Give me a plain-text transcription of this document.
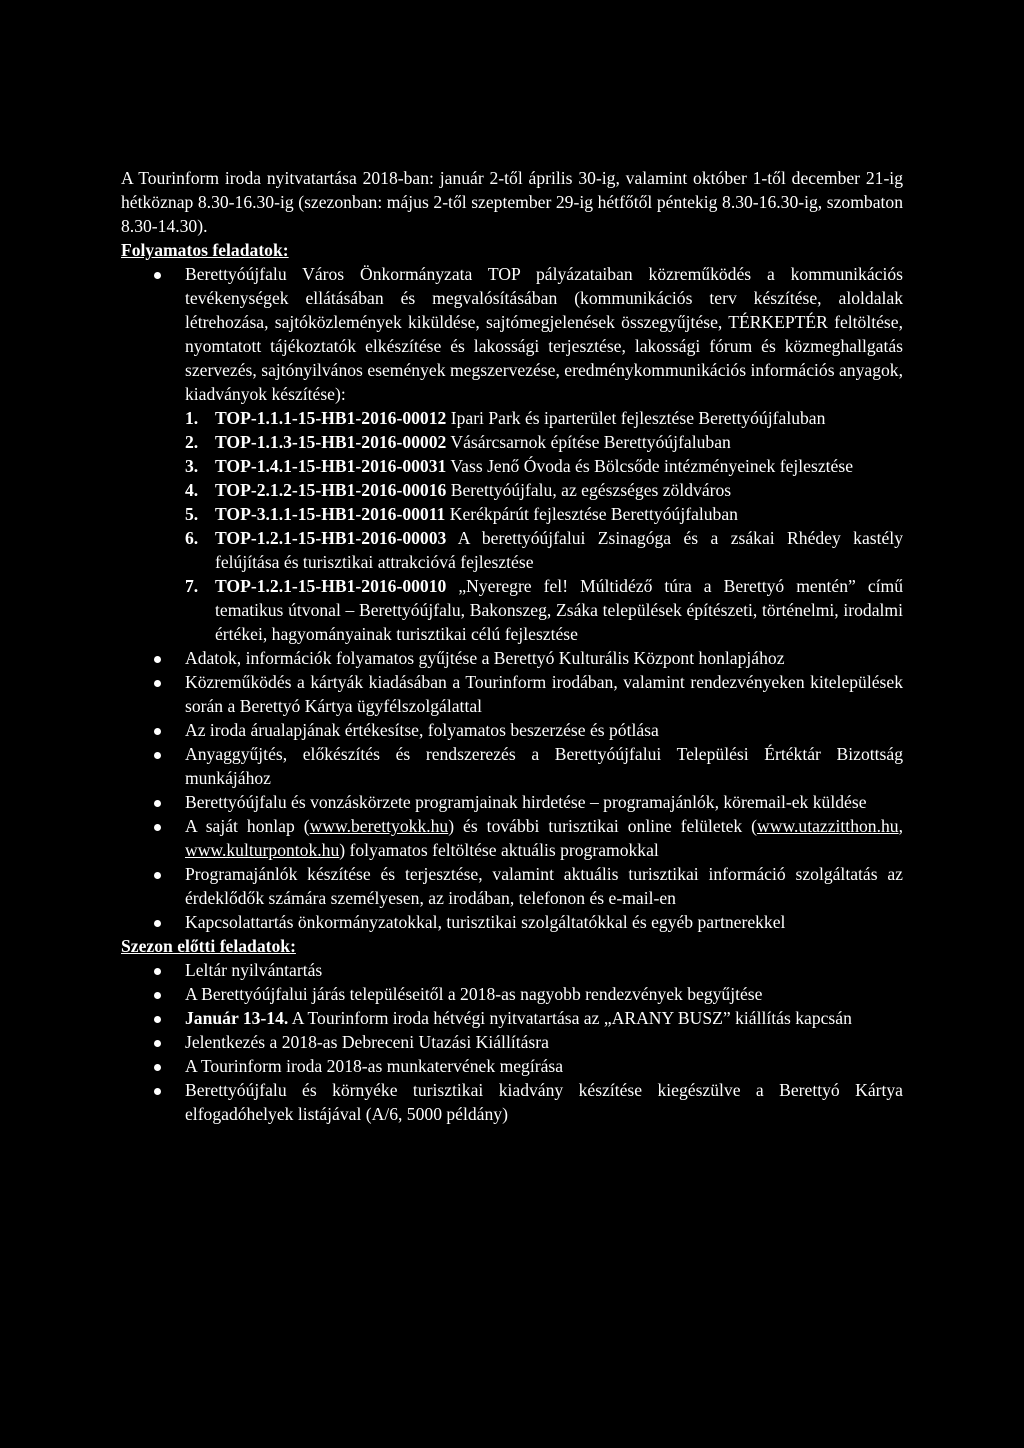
A Tourinform iroda nyitvatartása 2018-ban: január 2-től április 30-ig, valamint október 1-től december 21-ig hétköznap 8.30-16.30-ig (szezonban: május 2-től szeptember 29-ig hétfőtől péntekig 8.30-16.30-ig, szombaton 8.30-14.30).

Folyamatos feladatok:

Berettyóújfalu Város Önkormányzata TOP pályázataiban közreműködés a kommunikációs tevékenységek ellátásában és megvalósításában (kommunikációs terv készítése, aloldalak létrehozása, sajtóközlemények kiküldése, sajtómegjelenések összegyűjtése, TÉRKEPTÉR feltöltése, nyomtatott tájékoztatók elkészítése és lakossági terjesztése, lakossági fórum és közmeghallgatás szervezés, sajtónyilvános események megszervezése, eredménykommunikációs információs anyagok, kiadványok készítése):
1. TOP-1.1.1-15-HB1-2016-00012 Ipari Park és iparterület fejlesztése Berettyóújfaluban
2. TOP-1.1.3-15-HB1-2016-00002 Vásárcsarnok építése Berettyóújfaluban
3. TOP-1.4.1-15-HB1-2016-00031 Vass Jenő Óvoda és Bölcsőde intézményeinek fejlesztése
4. TOP-2.1.2-15-HB1-2016-00016 Berettyóújfalu, az egészséges zöldváros
5. TOP-3.1.1-15-HB1-2016-00011 Kerékpárút fejlesztése Berettyóújfaluban
6. TOP-1.2.1-15-HB1-2016-00003 A berettyóújfalui Zsinagóga és a zsákai Rhédey kastély felújítása és turisztikai attrakcióvá fejlesztése
7. TOP-1.2.1-15-HB1-2016-00010 „Nyeregre fel! Múltidéző túra a Berettyó mentén” című tematikus útvonal – Berettyóújfalu, Bakonszeg, Zsáka települések építészeti, történelmi, irodalmi értékei, hagyományainak turisztikai célú fejlesztése
Adatok, információk folyamatos gyűjtése a Berettyó Kulturális Központ honlapjához
Közreműködés a kártyák kiadásában a Tourinform irodában, valamint rendezvényeken kitelepülések során a Berettyó Kártya ügyfélszolgálattal
Az iroda árualapjának értékesítse, folyamatos beszerzése és pótlása
Anyaggyűjtés, előkészítés és rendszerezés a Berettyóújfalui Települési Értéktár Bizottság munkájához
Berettyóújfalu és vonzáskörzete programjainak hirdetése – programajánlók, köremail-ek küldése
A saját honlap (www.berettyokk.hu) és további turisztikai online felületek (www.utazzitthon.hu, www.kulturpontok.hu) folyamatos feltöltése aktuális programokkal
Programajánlók készítése és terjesztése, valamint aktuális turisztikai információ szolgáltatás az érdeklődők számára személyesen, az irodában, telefonon és e-mail-en
Kapcsolattartás önkormányzatokkal, turisztikai szolgáltatókkal és egyéb partnerekkel

Szezon előtti feladatok:

Leltár nyilvántartás
A Berettyóújfalui járás településeitől a 2018-as nagyobb rendezvények begyűjtése
Január 13-14. A Tourinform iroda hétvégi nyitvatartása az „ARANY BUSZ” kiállítás kapcsán
Jelentkezés a 2018-as Debreceni Utazási Kiállításra
A Tourinform iroda 2018-as munkatervének megírása
Berettyóújfalu és környéke turisztikai kiadvány készítése kiegészülve a Berettyó Kártya elfogadóhelyek listájával (A/6, 5000 példány)
